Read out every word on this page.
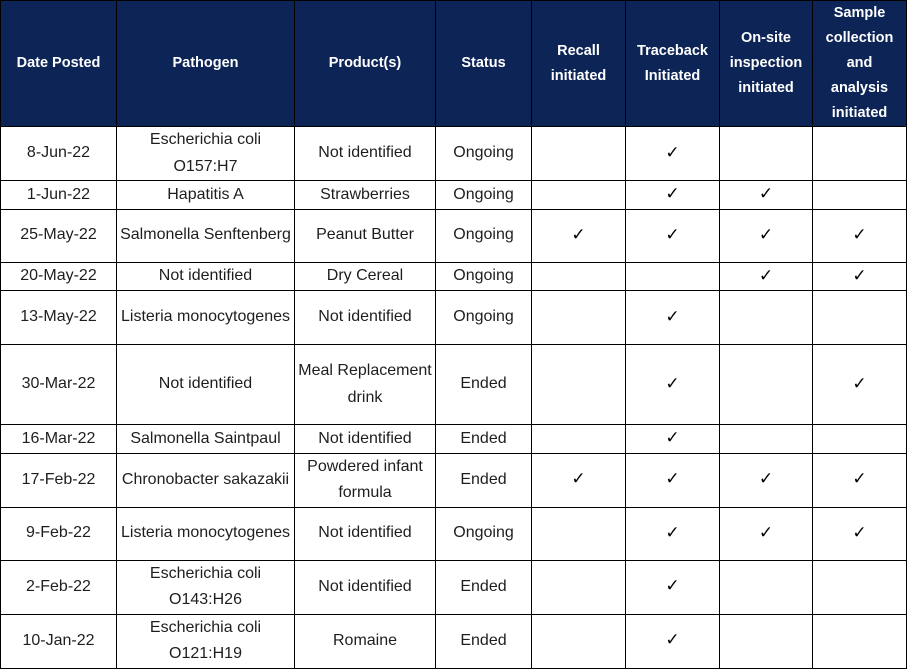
Date Posted	Pathogen	Product(s)	Status	Recall initiated	Traceback Initiated	On-site inspection initiated	Sample collection and analysis initiated
8-Jun-22	Escherichia coli O157:H7	Not identified	Ongoing		✓		
1-Jun-22	Hapatitis A	Strawberries	Ongoing		✓	✓	
25-May-22	Salmonella Senftenberg	Peanut Butter	Ongoing	✓	✓	✓	✓
20-May-22	Not identified	Dry Cereal	Ongoing			✓	✓
13-May-22	Listeria monocytogenes	Not identified	Ongoing		✓		
30-Mar-22	Not identified	Meal Replacement drink	Ended		✓		✓
16-Mar-22	Salmonella Saintpaul	Not identified	Ended		✓		
17-Feb-22	Chronobacter sakazakii	Powdered infant formula	Ended	✓	✓	✓	✓
9-Feb-22	Listeria monocytogenes	Not identified	Ongoing		✓	✓	✓
2-Feb-22	Escherichia coli O143:H26	Not identified	Ended		✓		
10-Jan-22	Escherichia coli O121:H19	Romaine	Ended		✓		
